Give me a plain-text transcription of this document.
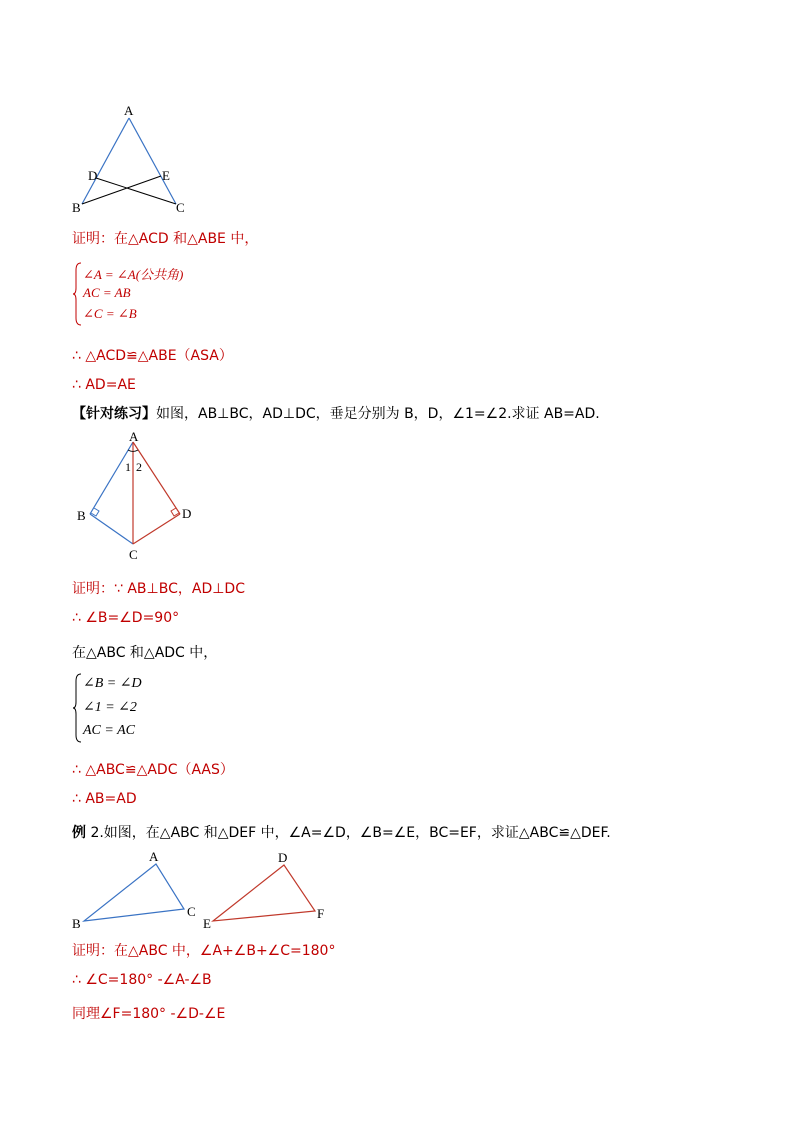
A
D	E
B	C
证明：在△ACD 和△ABE 中，
∠A = ∠A(公共角)
AC = AB
∠C = ∠B
∴ △ACD≌△ABE（ASA）
∴ AD=AE
【针对练习】如图，AB⊥BC，AD⊥DC，垂足分别为 B，D，∠1=∠2.求证 AB=AD.
A
1 2
B	D
C
证明：∵ AB⊥BC，AD⊥DC
∴ ∠B=∠D=90°
在△ABC 和△ADC 中，
∠B = ∠D
∠1 = ∠2
AC = AC
∴ △ABC≌△ADC（AAS）
∴ AB=AD
例 2.如图，在△ABC 和△DEF 中，∠A=∠D，∠B=∠E，BC=EF，求证△ABC≌△DEF.
A
B
C
D
E
F
证明：在△ABC 中，∠A+∠B+∠C=180°
∴ ∠C=180° -∠A-∠B
同理∠F=180° -∠D-∠E
